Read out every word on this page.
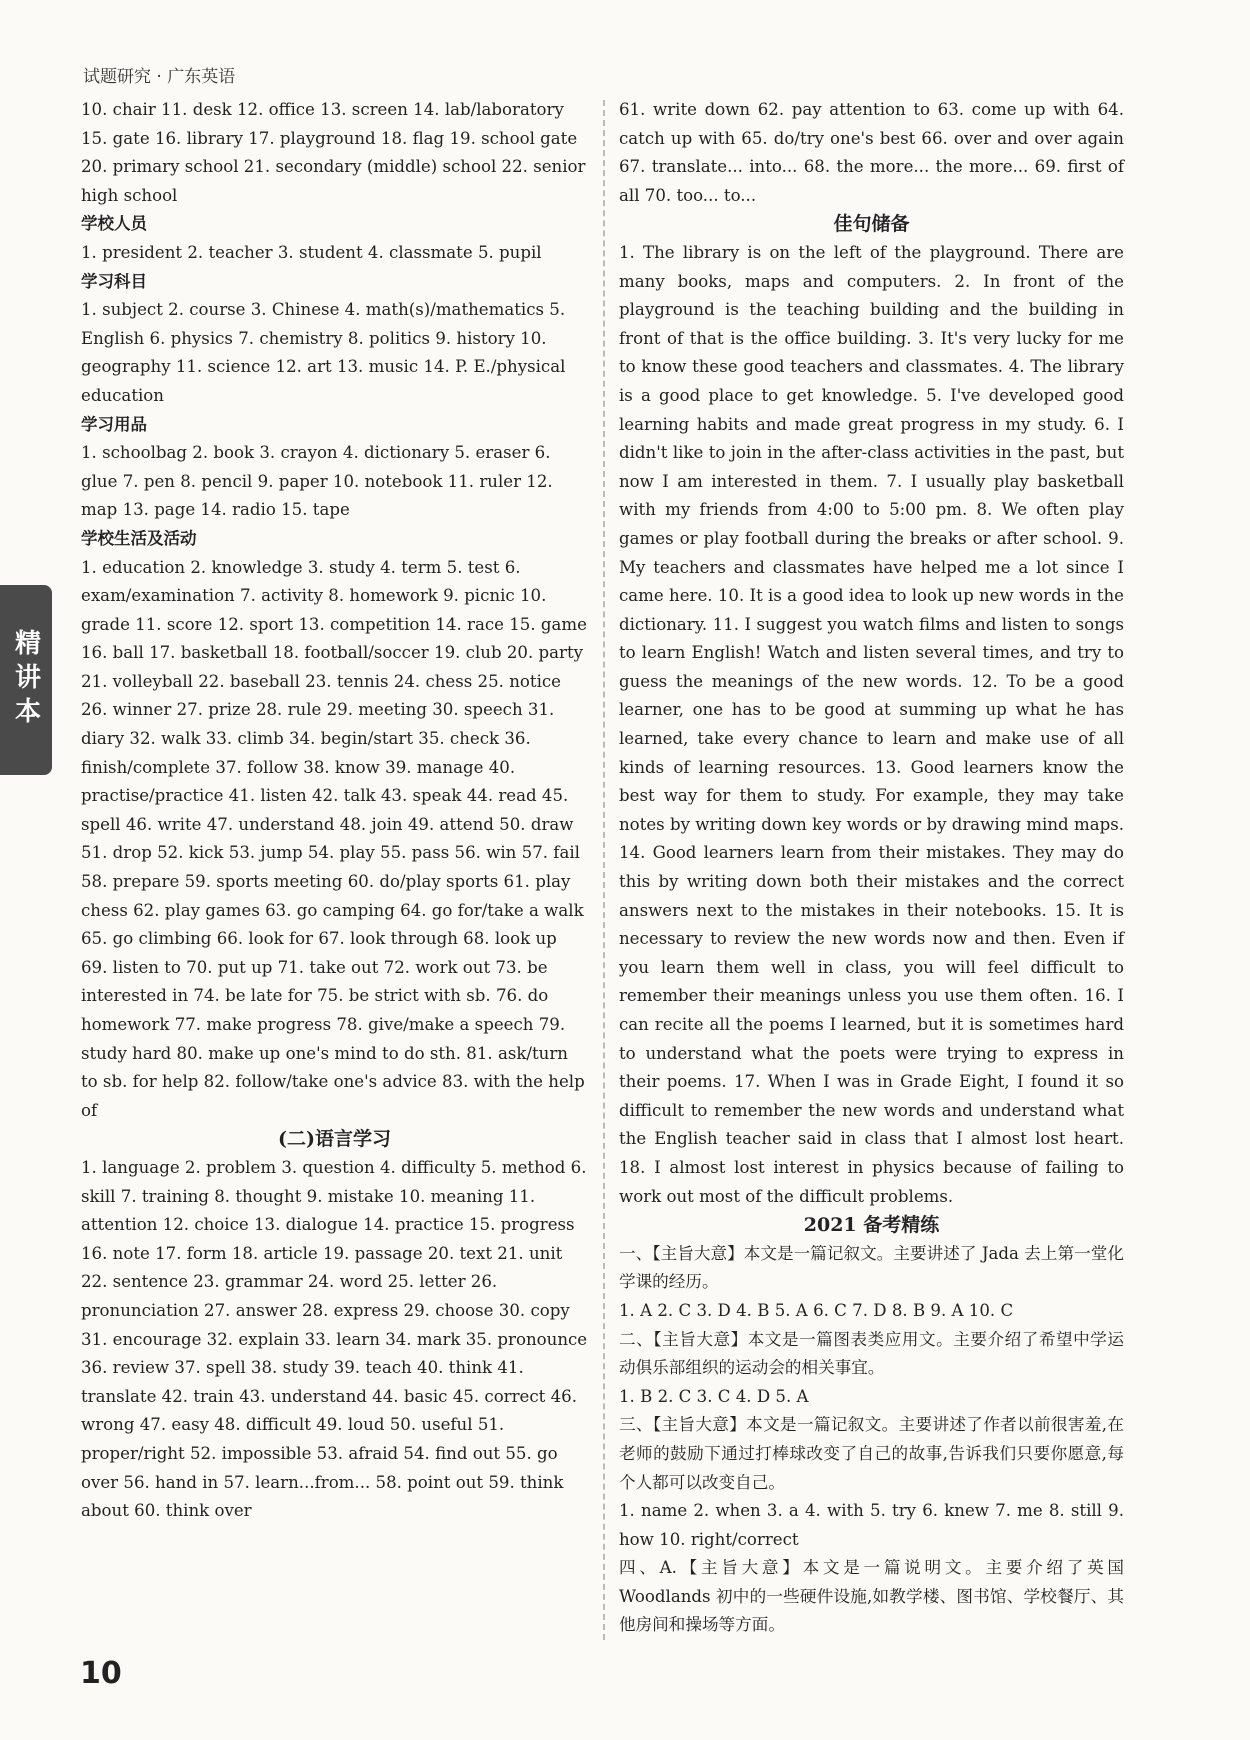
试题研究 · 广东英语
精讲本

10. chair 11. desk 12. office 13. screen 14. lab/laboratory 15. gate 16. library 17. playground 18. flag 19. school gate 20. primary school 21. secondary (middle) school 22. senior high school

学校人员

1. president 2. teacher 3. student 4. classmate 5. pupil

学习科目

1. subject 2. course 3. Chinese 4. math(s)/mathematics 5. English 6. physics 7. chemistry 8. politics 9. history 10. geography 11. science 12. art 13. music 14. P. E./physical education

学习用品

1. schoolbag 2. book 3. crayon 4. dictionary 5. eraser 6. glue 7. pen 8. pencil 9. paper 10. notebook 11. ruler 12. map 13. page 14. radio 15. tape

学校生活及活动

1. education 2. knowledge 3. study 4. term 5. test 6. exam/examination 7. activity 8. homework 9. picnic 10. grade 11. score 12. sport 13. competition 14. race 15. game 16. ball 17. basketball 18. football/soccer 19. club 20. party 21. volleyball 22. baseball 23. tennis 24. chess 25. notice 26. winner 27. prize 28. rule 29. meeting 30. speech 31. diary 32. walk 33. climb 34. begin/start 35. check 36. finish/complete 37. follow 38. know 39. manage 40. practise/practice 41. listen 42. talk 43. speak 44. read 45. spell 46. write 47. understand 48. join 49. attend 50. draw 51. drop 52. kick 53. jump 54. play 55. pass 56. win 57. fail 58. prepare 59. sports meeting 60. do/play sports 61. play chess 62. play games 63. go camping 64. go for/take a walk 65. go climbing 66. look for 67. look through 68. look up 69. listen to 70. put up 71. take out 72. work out 73. be interested in 74. be late for 75. be strict with sb. 76. do homework 77. make progress 78. give/make a speech 79. study hard 80. make up one's mind to do sth. 81. ask/turn to sb. for help 82. follow/take one's advice 83. with the help of

(二)语言学习

1. language 2. problem 3. question 4. difficulty 5. method 6. skill 7. training 8. thought 9. mistake 10. meaning 11. attention 12. choice 13. dialogue 14. practice 15. progress 16. note 17. form 18. article 19. passage 20. text 21. unit 22. sentence 23. grammar 24. word 25. letter 26. pronunciation 27. answer 28. express 29. choose 30. copy 31. encourage 32. explain 33. learn 34. mark 35. pronounce 36. review 37. spell 38. study 39. teach 40. think 41. translate 42. train 43. understand 44. basic 45. correct 46. wrong 47. easy 48. difficult 49. loud 50. useful 51. proper/right 52. impossible 53. afraid 54. find out 55. go over 56. hand in 57. learn...from... 58. point out 59. think about 60. think over

61. write down 62. pay attention to 63. come up with 64. catch up with 65. do/try one's best 66. over and over again 67. translate... into... 68. the more... the more... 69. first of all 70. too... to...

佳句储备

1. The library is on the left of the playground. There are many books, maps and computers. 2. In front of the playground is the teaching building and the building in front of that is the office building. 3. It's very lucky for me to know these good teachers and classmates. 4. The library is a good place to get knowledge. 5. I've developed good learning habits and made great progress in my study. 6. I didn't like to join in the after-class activities in the past, but now I am interested in them. 7. I usually play basketball with my friends from 4:00 to 5:00 pm. 8. We often play games or play football during the breaks or after school. 9. My teachers and classmates have helped me a lot since I came here. 10. It is a good idea to look up new words in the dictionary. 11. I suggest you watch films and listen to songs to learn English! Watch and listen several times, and try to guess the meanings of the new words. 12. To be a good learner, one has to be good at summing up what he has learned, take every chance to learn and make use of all kinds of learning resources. 13. Good learners know the best way for them to study. For example, they may take notes by writing down key words or by drawing mind maps. 14. Good learners learn from their mistakes. They may do this by writing down both their mistakes and the correct answers next to the mistakes in their notebooks. 15. It is necessary to review the new words now and then. Even if you learn them well in class, you will feel difficult to remember their meanings unless you use them often. 16. I can recite all the poems I learned, but it is sometimes hard to understand what the poets were trying to express in their poems. 17. When I was in Grade Eight, I found it so difficult to remember the new words and understand what the English teacher said in class that I almost lost heart. 18. I almost lost interest in physics because of failing to work out most of the difficult problems.

2021 备考精练

一、【主旨大意】本文是一篇记叙文。主要讲述了 Jada 去上第一堂化学课的经历。

1. A 2. C 3. D 4. B 5. A 6. C 7. D 8. B 9. A 10. C

二、【主旨大意】本文是一篇图表类应用文。主要介绍了希望中学运动俱乐部组织的运动会的相关事宜。

1. B 2. C 3. C 4. D 5. A

三、【主旨大意】本文是一篇记叙文。主要讲述了作者以前很害羞,在老师的鼓励下通过打棒球改变了自己的故事,告诉我们只要你愿意,每个人都可以改变自己。

1. name 2. when 3. a 4. with 5. try 6. knew 7. me 8. still 9. how 10. right/correct

四、A.【主旨大意】本文是一篇说明文。主要介绍了英国 Woodlands 初中的一些硬件设施,如教学楼、图书馆、学校餐厅、其他房间和操场等方面。

10
